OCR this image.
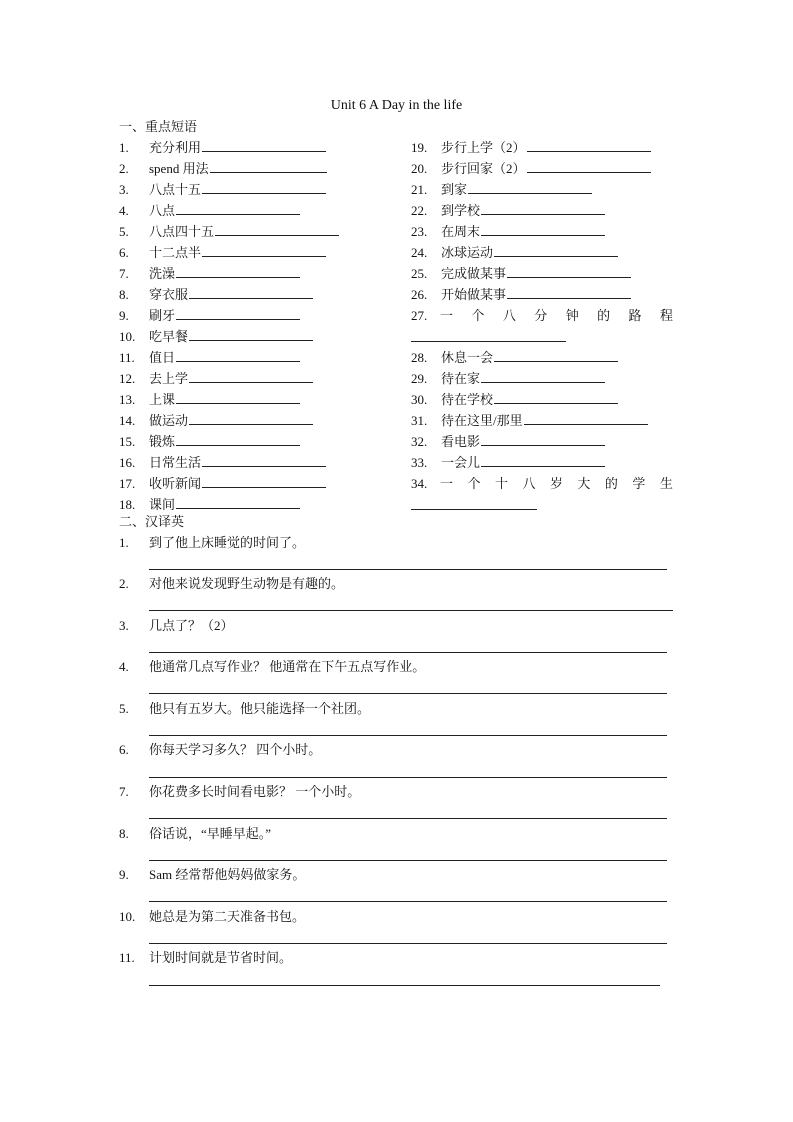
Unit 6 A Day in the life
一、重点短语
1. 充分利用
2. spend 用法
3. 八点十五
4. 八点
5. 八点四十五
6. 十二点半
7. 洗澡
8. 穿衣服
9. 刷牙
10. 吃早餐
11. 值日
12. 去上学
13. 上课
14. 做运动
15. 锻炼
16. 日常生活
17. 收听新闻
18. 课间
19. 步行上学（2）
20. 步行回家（2）
21. 到家
22. 到学校
23. 在周末
24. 冰球运动
25. 完成做某事
26. 开始做某事
27. 一 个 八 分 钟 的 路 程
28. 休息一会
29. 待在家
30. 待在学校
31. 待在这里/那里
32. 看电影
33. 一会儿
34. 一 个 十 八 岁 大 的 学 生
二、汉译英
1. 到了他上床睡觉的时间了。
2. 对他来说发现野生动物是有趣的。
3. 几点了？（2）
4. 他通常几点写作业？ 他通常在下午五点写作业。
5. 他只有五岁大。他只能选择一个社团。
6. 你每天学习多久？ 四个小时。
7. 你花费多长时间看电影？ 一个小时。
8. 俗话说，“早睡早起。”
9. Sam 经常帮他妈妈做家务。
10. 她总是为第二天准备书包。
11. 计划时间就是节省时间。
